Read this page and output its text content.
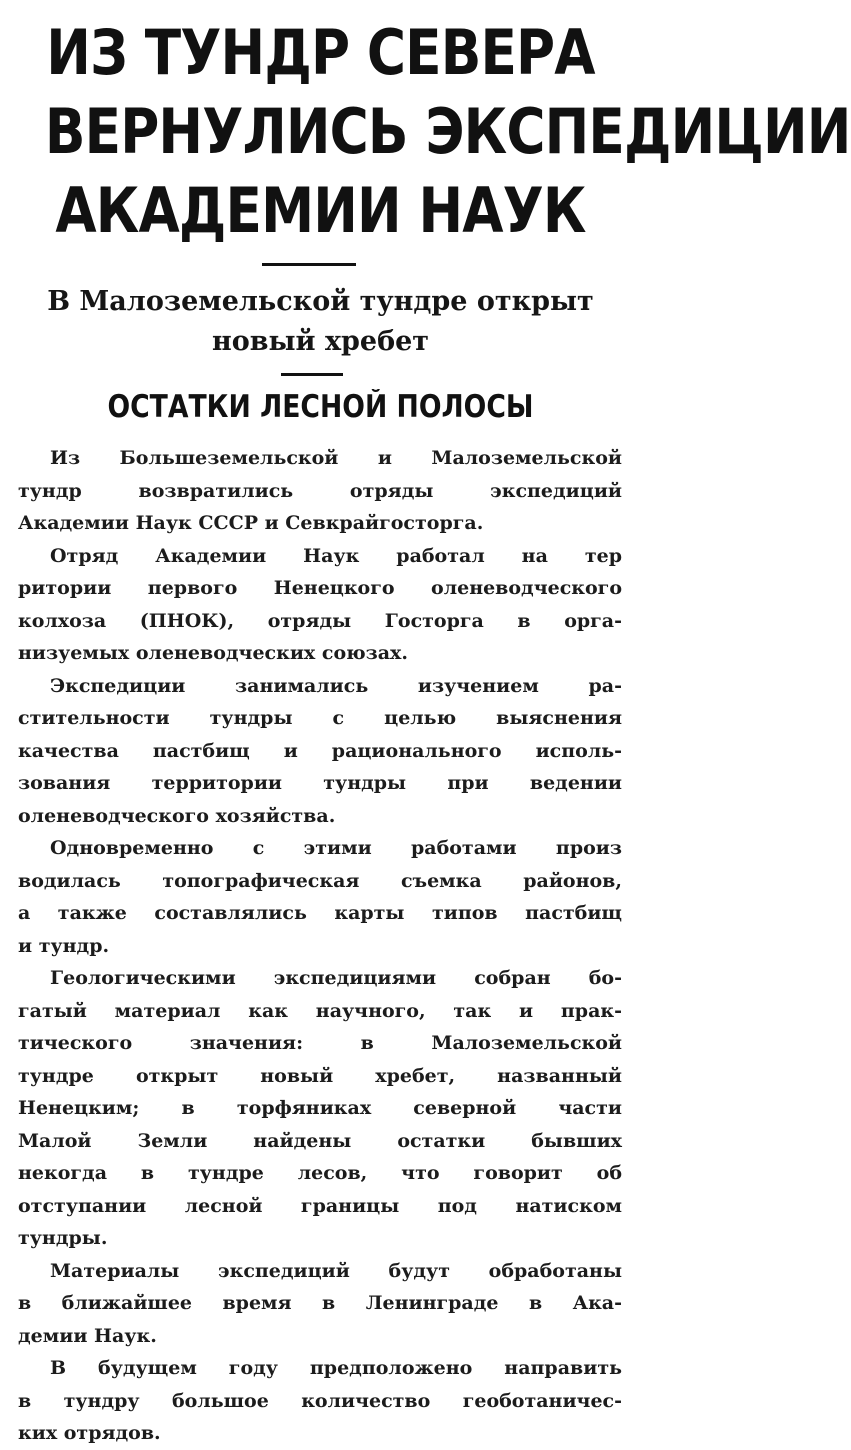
ИЗ ТУНДР СЕВЕРА
ВЕРНУЛИСЬ ЭКСПЕДИЦИИ
АКАДЕМИИ НАУК
В Малоземельской тундре открыт
новый хребет
ОСТАТКИ ЛЕСНОЙ ПОЛОСЫ
Из Большеземельской и Малоземельской
тундр возвратились отряды экспедиций
Академии Наук СССР и Севкрайгосторга.
Отряд Академии Наук работал на тер
ритории первого Ненецкого оленеводческого
колхоза (ПНОК), отряды Госторга в орга-
низуемых оленеводческих союзах.
Экспедиции занимались изучением ра-
стительности тундры с целью выяснения
качества пастбищ и рационального исполь-
зования территории тундры при ведении
оленеводческого хозяйства.
Одновременно с этими работами произ
водилась топографическая съемка районов,
а также составлялись карты типов пастбищ
и тундр.
Геологическими экспедициями собран бо-
гатый материал как научного, так и прак-
тического значения: в Малоземельской
тундре открыт новый хребет, названный
Ненецким; в торфяниках северной части
Малой Земли найдены остатки бывших
некогда в тундре лесов, что говорит об
отступании лесной границы под натиском
тундры.
Материалы экспедиций будут обработаны
в ближайшее время в Ленинграде в Ака-
демии Наук.
В будущем году предположено направить
в тундру большое количество геоботаничес-
ких отрядов.
